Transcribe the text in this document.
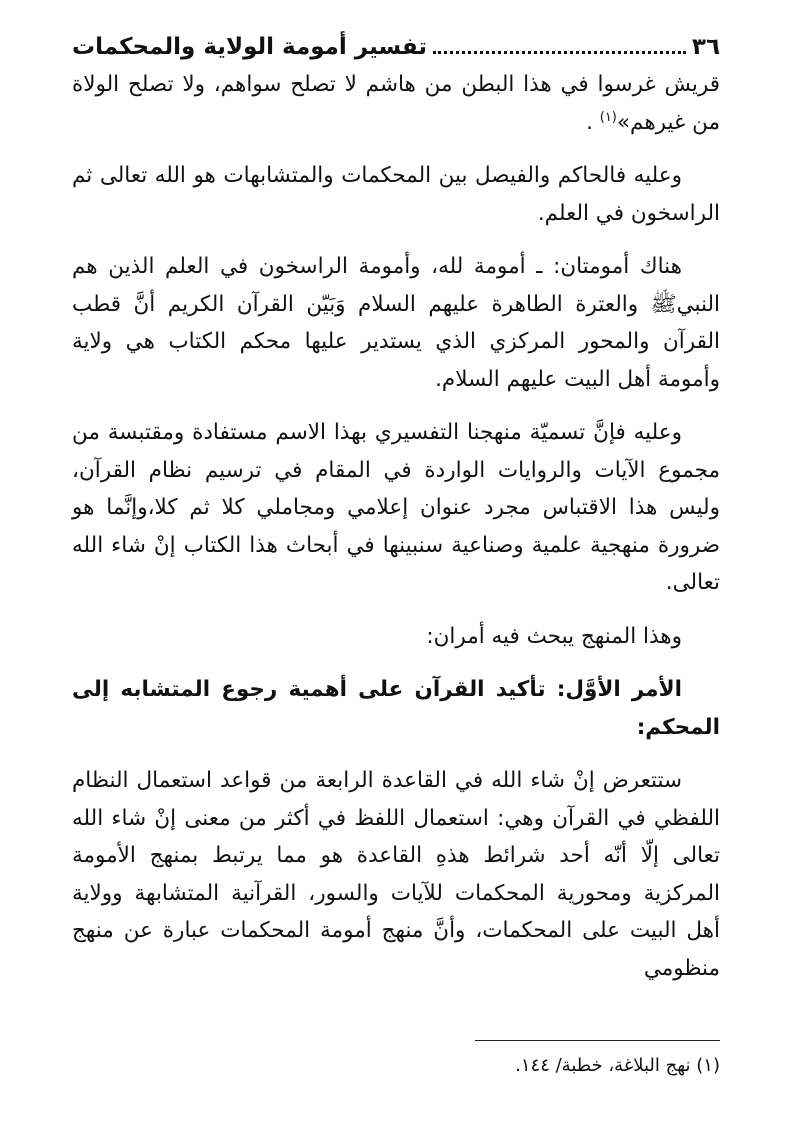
٣٦
تفسير أمومة الولاية والمحكمات

قريش غرسوا في هذا البطن من هاشم لا تصلح سواهم، ولا تصلح الولاة من غيرهم»$^{(١)}$ .

وعليه فالحاكم والفيصل بين المحكمات والمتشابهات هو الله تعالى ثم الراسخون في العلم.

هناك أمومتان: ـ أمومة لله، وأمومة الراسخون في العلم الذين هم النبيﷺ والعترة الطاهرة عليهم السلام وَبَيّن القرآن الكريم أنَّ قطب القرآن والمحور المركزي الذي يستدير عليها محكم الكتاب هي ولاية وأمومة أهل البيت عليهم السلام.

وعليه فإنَّ تسميّة منهجنا التفسيري بهذا الاسم مستفادة ومقتبسة من مجموع الآيات والروايات الواردة في المقام في ترسيم نظام القرآن، وليس هذا الاقتباس مجرد عنوان إعلامي ومجاملي كلا ثم كلا،وإنَّما هو ضرورة منهجية علمية وصناعية سنبينها في أبحاث هذا الكتاب إنْ شاء الله تعالى.

وهذا المنهج يبحث فيه أمران:

الأمر الأوَّل: تأكيد القرآن على أهمية رجوع المتشابه إلى المحكم:

ستتعرض إنْ شاء الله في القاعدة الرابعة من قواعد استعمال النظام اللفظي في القرآن وهي: استعمال اللفظ في أكثر من معنى إنْ شاء الله تعالى إلّا أنّه أحد شرائط هذهِ القاعدة هو مما يرتبط بمنهج الأمومة المركزية ومحورية المحكمات للآيات والسور، القرآنية المتشابهة وولاية أهل البيت على المحكمات، وأنَّ منهج أمومة المحكمات عبارة عن منهج منظومي

(١) نهج البلاغة، خطبة/ ١٤٤.
